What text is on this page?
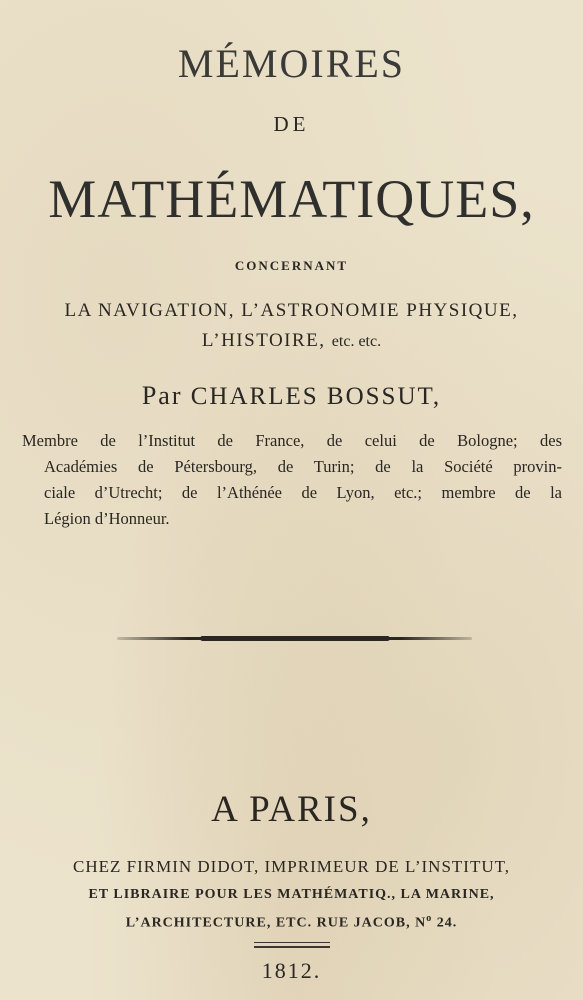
MÉMOIRES
DE
MATHÉMATIQUES,
CONCERNANT
LA NAVIGATION, L’ASTRONOMIE PHYSIQUE,
L’HISTOIRE, etc. etc.
Par CHARLES BOSSUT,
Membre de l’Institut de France, de celui de Bologne; des
Académies de Pétersbourg, de Turin; de la Société provin-
ciale d’Utrecht; de l’Athénée de Lyon, etc.; membre de la
Légion d’Honneur.
A PARIS,
CHEZ FIRMIN DIDOT, IMPRIMEUR DE L’INSTITUT,
ET LIBRAIRE POUR LES MATHÉMATIQ., LA MARINE,
L’ARCHITECTURE, ETC. RUE JACOB, $N^o$ 24.
1812.
